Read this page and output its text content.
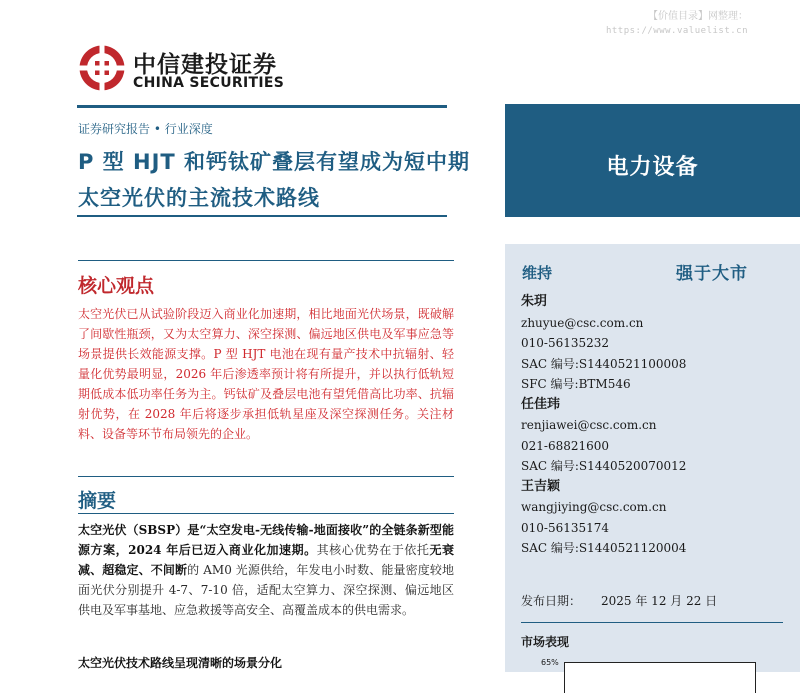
【价值目录】网整理：
https://www.valuelist.cn
中信建投证券
CHINA SECURITIES
证券研究报告 • 行业深度
P 型 HJT 和钙钛矿叠层有望成为短中期太空光伏的主流技术路线
核心观点
太空光伏已从试验阶段迈入商业化加速期，相比地面光伏场景，既破解了间歇性瓶颈，又为太空算力、深空探测、偏远地区供电及军事应急等场景提供长效能源支撑。P 型 HJT 电池在现有量产技术中抗辐射、轻量化优势最明显，2026 年后渗透率预计将有所提升，并以执行低轨短期低成本低功率任务为主。钙钛矿及叠层电池有望凭借高比功率、抗辐射优势，在 2028 年后将逐步承担低轨星座及深空探测任务。关注材料、设备等环节布局领先的企业。
摘要
太空光伏（SBSP）是“太空发电-无线传输-地面接收”的全链条新型能源方案，2024 年后已迈入商业化加速期。其核心优势在于依托无衰减、超稳定、不间断的 AM0 光源供给，年发电小时数、能量密度较地面光伏分别提升 4-7、7-10 倍，适配太空算力、深空探测、偏远地区供电及军事基地、应急救援等高安全、高覆盖成本的供电需求。
太空光伏技术路线呈现清晰的场景分化
电力设备
维持	强于大市
朱玥
zhuyue@csc.com.cn
010-56135232
SAC 编号:S1440521100008
SFC 编号:BTM546
任佳玮
renjiawei@csc.com.cn
021-68821600
SAC 编号:S1440520070012
王吉颖
wangjiying@csc.com.cn
010-56135174
SAC 编号:S1440521120004
发布日期： 2025 年 12 月 22 日
市场表现
65%
